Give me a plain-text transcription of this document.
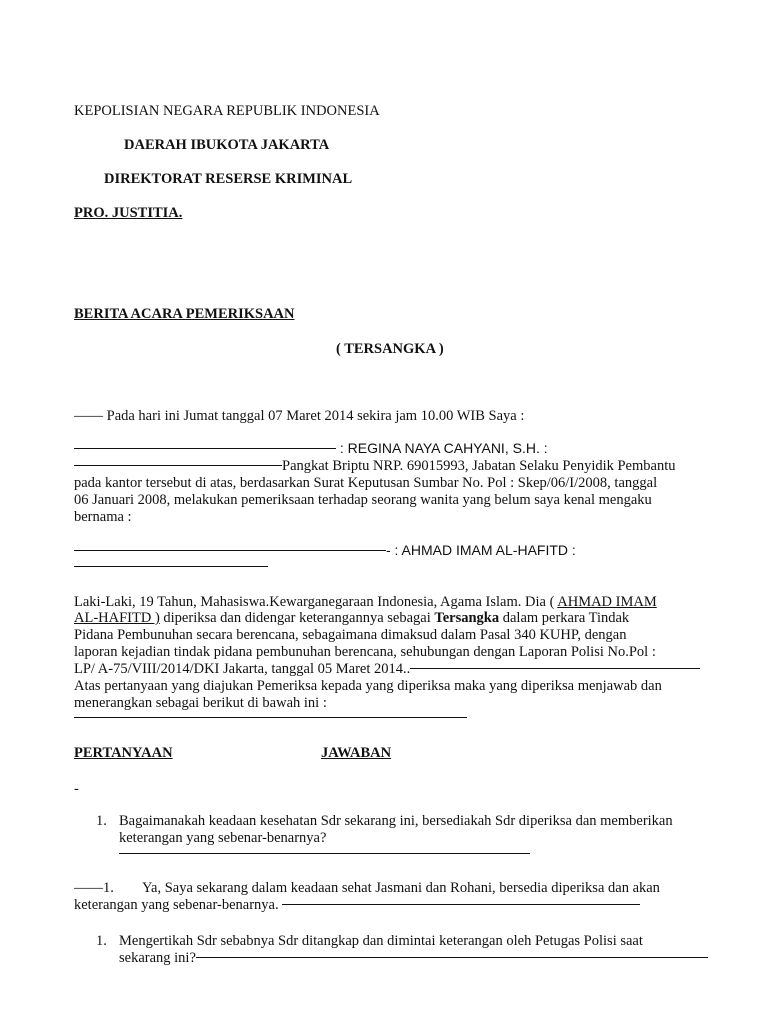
KEPOLISIAN NEGARA REPUBLIK INDONESIA
DAERAH IBUKOTA JAKARTA
DIREKTORAT RESERSE KRIMINAL
PRO. JUSTITIA.
BERITA ACARA PEMERIKSAAN
( TERSANGKA )
—— Pada hari ini Jumat tanggal 07 Maret 2014 sekira jam 10.00 WIB Saya :
: REGINA NAYA CAHYANI, S.H. :
Pangkat Briptu NRP. 69015993, Jabatan Selaku Penyidik Pembantu
pada kantor tersebut di atas, berdasarkan Surat Keputusan Sumbar No. Pol : Skep/06/I/2008, tanggal
06 Januari 2008, melakukan pemeriksaan terhadap seorang wanita yang belum saya kenal mengaku
bernama :
- : AHMAD IMAM AL-HAFITD :
Laki-Laki, 19 Tahun, Mahasiswa.Kewarganegaraan Indonesia, Agama Islam. Dia ( AHMAD IMAM
AL-HAFITD ) diperiksa dan didengar keterangannya sebagai Tersangka dalam perkara Tindak
Pidana Pembunuhan secara berencana, sebagaimana dimaksud dalam Pasal 340 KUHP, dengan
laporan kejadian tindak pidana pembunuhan berencana, sehubungan dengan Laporan Polisi No.Pol :
LP/ A-75/VIII/2014/DKI Jakarta, tanggal 05 Maret 2014..
Atas pertanyaan yang diajukan Pemeriksa kepada yang diperiksa maka yang diperiksa menjawab dan
menerangkan sebagai berikut di bawah ini :
PERTANYAAN	JAWABAN
-
1. Bagaimanakah keadaan kesehatan Sdr sekarang ini, bersediakah Sdr diperiksa dan memberikan
keterangan yang sebenar-benarnya?
——1. Ya, Saya sekarang dalam keadaan sehat Jasmani dan Rohani, bersedia diperiksa dan akan
keterangan yang sebenar-benarnya.
1. Mengertikah Sdr sebabnya Sdr ditangkap dan dimintai keterangan oleh Petugas Polisi saat
sekarang ini?
